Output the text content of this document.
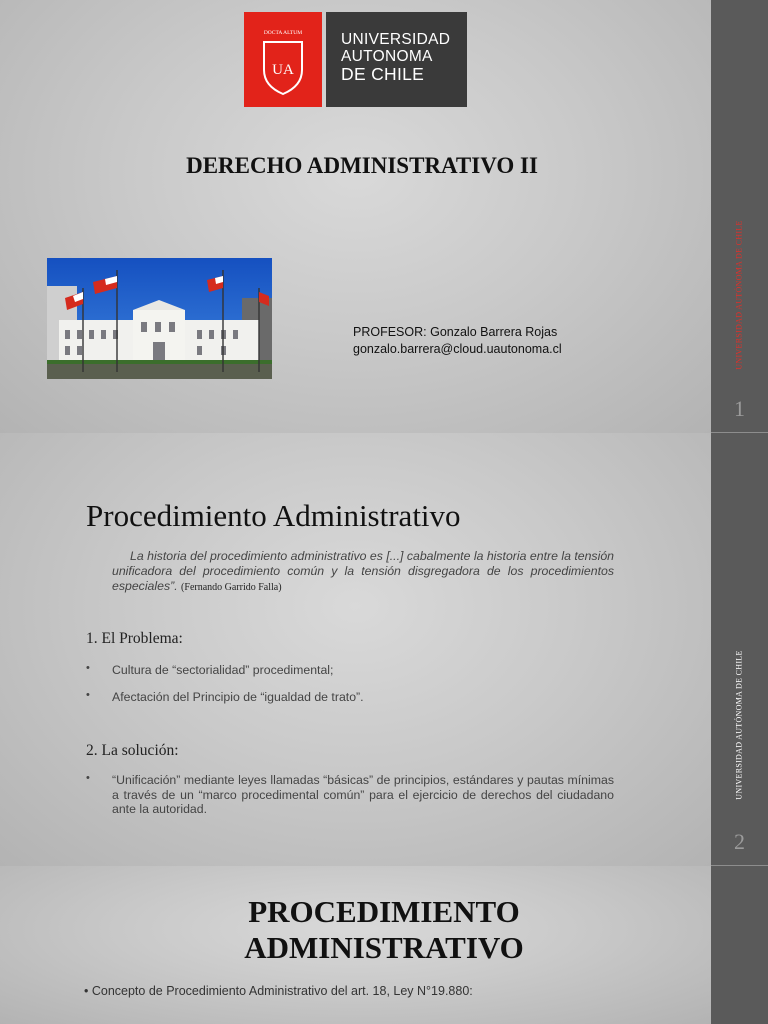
UNIVERSIDAD AUTÓNOMA DE CHILE
1
DOCTA ALTUM
UA
UNIVERSIDAD
AUTONOMA
DE CHILE
DERECHO ADMINISTRATIVO II
PROFESOR: Gonzalo Barrera Rojas
gonzalo.barrera@cloud.uautonoma.cl
UNIVERSIDAD AUTÓNOMA DE CHILE
2
Procedimiento Administrativo
La historia del procedimiento administrativo es [...] cabalmente la historia entre la tensión unificadora del procedimiento común y la tensión disgregadora de los procedimientos especiales”. (Fernando Garrido Falla)
1. El Problema:
• Cultura de “sectorialidad” procedimental;
• Afectación del Principio de “igualdad de trato”.
2. La solución:
• “Unificación” mediante leyes llamadas “básicas” de principios, estándares y pautas mínimas a través de un “marco procedimental común” para el ejercicio de derechos del ciudadano ante la autoridad.
PROCEDIMIENTO
ADMINISTRATIVO
• Concepto de Procedimiento Administrativo del art. 18, Ley N°19.880:
